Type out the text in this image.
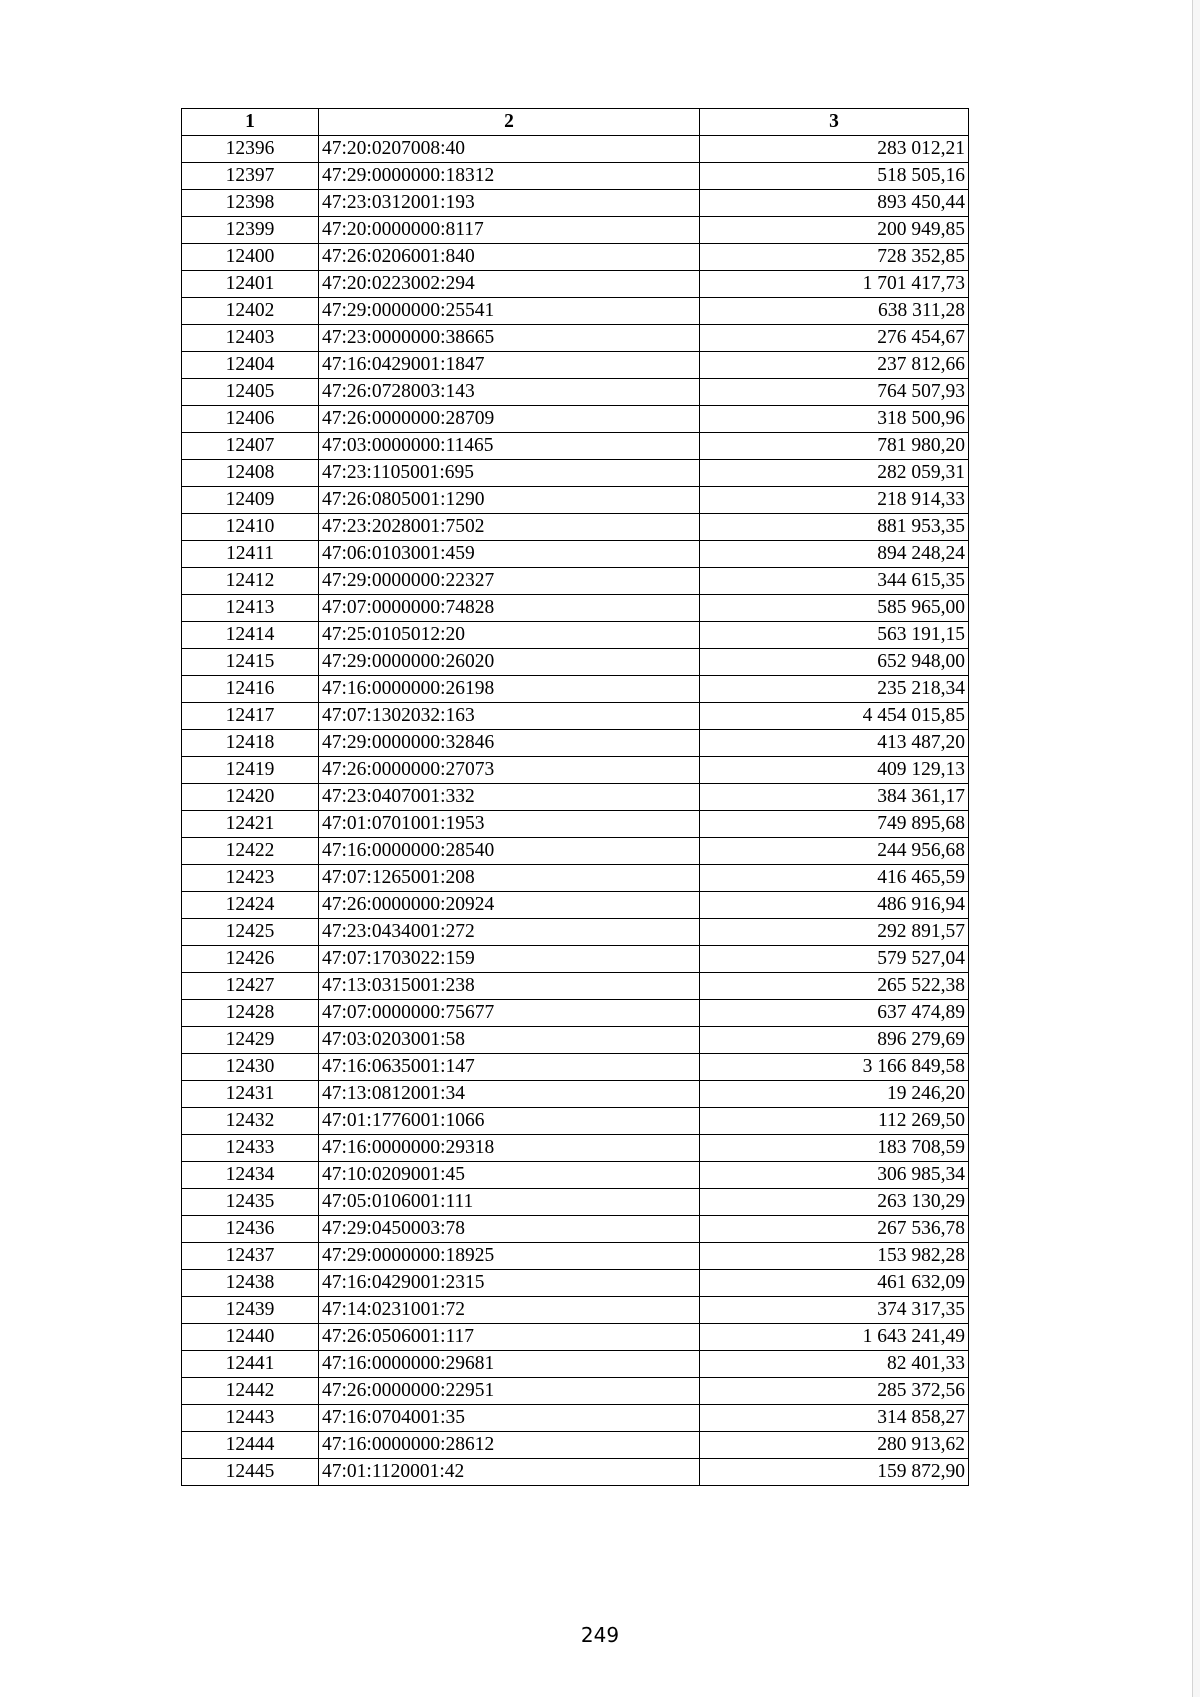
1	2	3
12396	47:20:0207008:40	283 012,21
12397	47:29:0000000:18312	518 505,16
12398	47:23:0312001:193	893 450,44
12399	47:20:0000000:8117	200 949,85
12400	47:26:0206001:840	728 352,85
12401	47:20:0223002:294	1 701 417,73
12402	47:29:0000000:25541	638 311,28
12403	47:23:0000000:38665	276 454,67
12404	47:16:0429001:1847	237 812,66
12405	47:26:0728003:143	764 507,93
12406	47:26:0000000:28709	318 500,96
12407	47:03:0000000:11465	781 980,20
12408	47:23:1105001:695	282 059,31
12409	47:26:0805001:1290	218 914,33
12410	47:23:2028001:7502	881 953,35
12411	47:06:0103001:459	894 248,24
12412	47:29:0000000:22327	344 615,35
12413	47:07:0000000:74828	585 965,00
12414	47:25:0105012:20	563 191,15
12415	47:29:0000000:26020	652 948,00
12416	47:16:0000000:26198	235 218,34
12417	47:07:1302032:163	4 454 015,85
12418	47:29:0000000:32846	413 487,20
12419	47:26:0000000:27073	409 129,13
12420	47:23:0407001:332	384 361,17
12421	47:01:0701001:1953	749 895,68
12422	47:16:0000000:28540	244 956,68
12423	47:07:1265001:208	416 465,59
12424	47:26:0000000:20924	486 916,94
12425	47:23:0434001:272	292 891,57
12426	47:07:1703022:159	579 527,04
12427	47:13:0315001:238	265 522,38
12428	47:07:0000000:75677	637 474,89
12429	47:03:0203001:58	896 279,69
12430	47:16:0635001:147	3 166 849,58
12431	47:13:0812001:34	19 246,20
12432	47:01:1776001:1066	112 269,50
12433	47:16:0000000:29318	183 708,59
12434	47:10:0209001:45	306 985,34
12435	47:05:0106001:111	263 130,29
12436	47:29:0450003:78	267 536,78
12437	47:29:0000000:18925	153 982,28
12438	47:16:0429001:2315	461 632,09
12439	47:14:0231001:72	374 317,35
12440	47:26:0506001:117	1 643 241,49
12441	47:16:0000000:29681	82 401,33
12442	47:26:0000000:22951	285 372,56
12443	47:16:0704001:35	314 858,27
12444	47:16:0000000:28612	280 913,62
12445	47:01:1120001:42	159 872,90
249
